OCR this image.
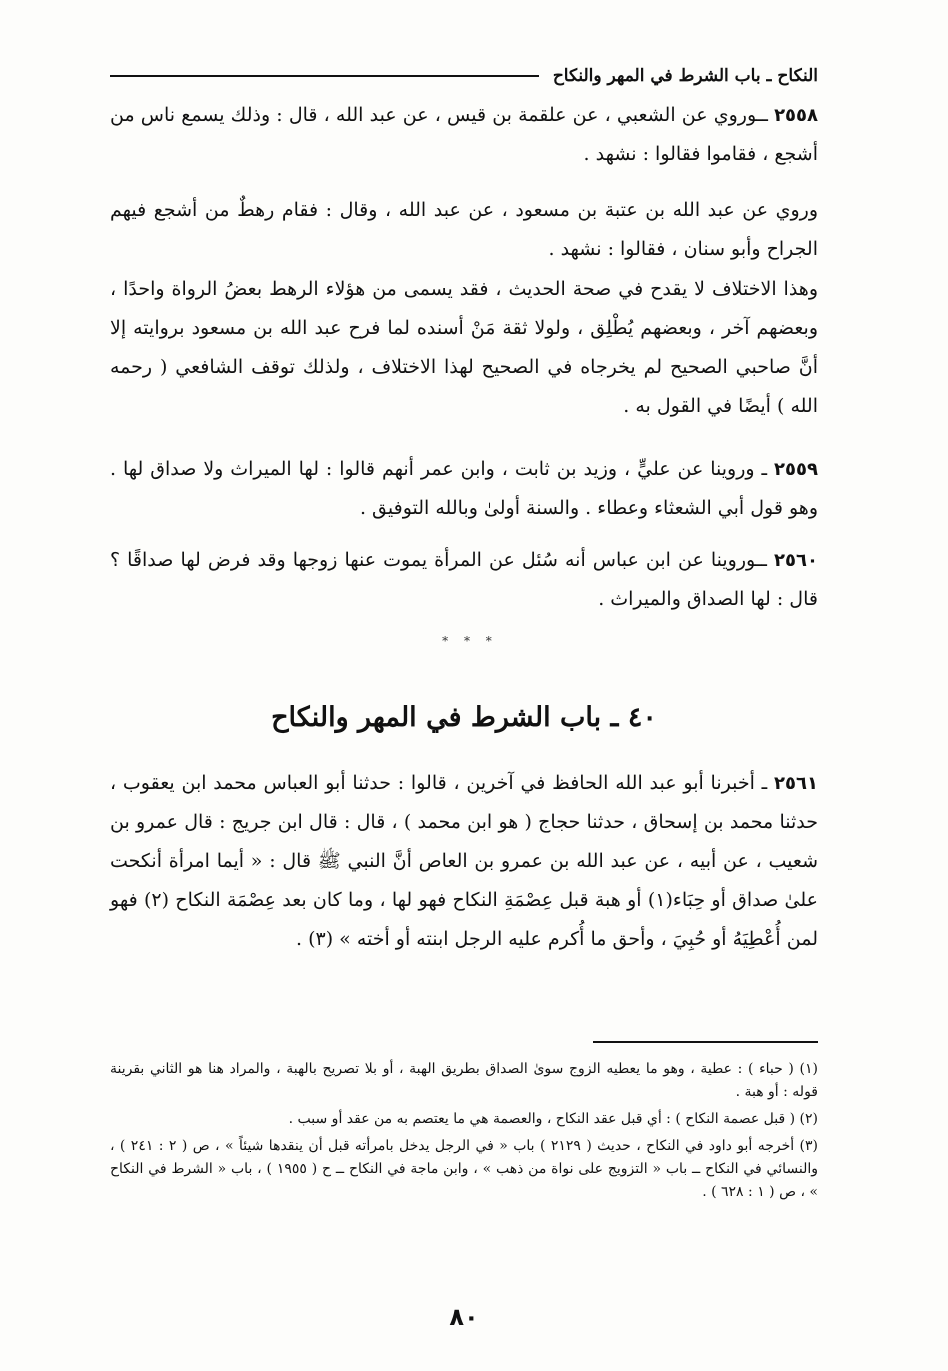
النكاح ـ باب الشرط في المهر والنكاح

٢٥٥٨ ــوروي عن الشعبي ، عن علقمة بن قيس ، عن عبد الله ، قال : وذلك يسمع ناس من أشجع ، فقاموا فقالوا : نشهد .

وروي عن عبد الله بن عتبة بن مسعود ، عن عبد الله ، وقال : فقام رهطٌ من أشجع فيهم الجراح وأبو سنان ، فقالوا : نشهد .

وهذا الاختلاف لا يقدح في صحة الحديث ، فقد يسمى من هؤلاء الرهط بعضُ الرواة واحدًا ، وبعضهم آخر ، وبعضهم يُطْلِق ، ولولا ثقة مَنْ أسنده لما فرح عبد الله بن مسعود بروايته إلا أنَّ صاحبي الصحيح لم يخرجاه في الصحيح لهذا الاختلاف ، ولذلك توقف الشافعي ( رحمه الله ) أيضًا في القول به .

٢٥٥٩ ـ وروينا عن عليٍّ ، وزيد بن ثابت ، وابن عمر أنهم قالوا : لها الميراث ولا صداق لها . وهو قول أبي الشعثاء وعطاء . والسنة أولىٰ وبالله التوفيق .

٢٥٦٠ ــوروينا عن ابن عباس أنه سُئل عن المرأة يموت عنها زوجها وقد فرض لها صداقًا ؟ قال : لها الصداق والميراث .

* * *
٤٠ ـ باب الشرط في المهر والنكاح

٢٥٦١ ـ أخبرنا أبو عبد الله الحافظ في آخرين ، قالوا : حدثنا أبو العباس محمد ابن يعقوب ، حدثنا محمد بن إسحاق ، حدثنا حجاج ( هو ابن محمد ) ، قال : قال ابن جريج : قال عمرو بن شعيب ، عن أبيه ، عن عبد الله بن عمرو بن العاص أنَّ النبي ﷺ قال : « أيما امرأة أنكحت علىٰ صداق أو حِبَاء(١) أو هبة قبل عِصْمَةِ النكاح فهو لها ، وما كان بعد عِصْمَة النكاح (٢) فهو لمن أُعْطِيَهُ أو حُبِيَ ، وأحق ما أُكرم عليه الرجل ابنته أو أخته » (٣) .

(١) ( حباء ) : عطية ، وهو ما يعطيه الزوج سوىٰ الصداق بطريق الهبة ، أو بلا تصريح بالهبة ، والمراد هنا هو الثاني بقرينة قوله : أو هبة .
(٢) ( قبل عصمة النكاح ) : أي قبل عقد النكاح ، والعصمة هي ما يعتصم به من عقد أو سبب .
(٣) أخرجه أبو داود في النكاح ، حديث ( ٢١٢٩ ) باب « في الرجل يدخل بامرأته قبل أن ينقدها شيئاً » ، ص ( ٢ : ٢٤١ ) ، والنسائي في النكاح ــ باب « التزويج على نواة من ذهب » ، وابن ماجة في النكاح ــ ح ( ١٩٥٥ ) ، باب « الشرط في النكاح » ، ص ( ١ : ٦٢٨ ) .
٨٠
